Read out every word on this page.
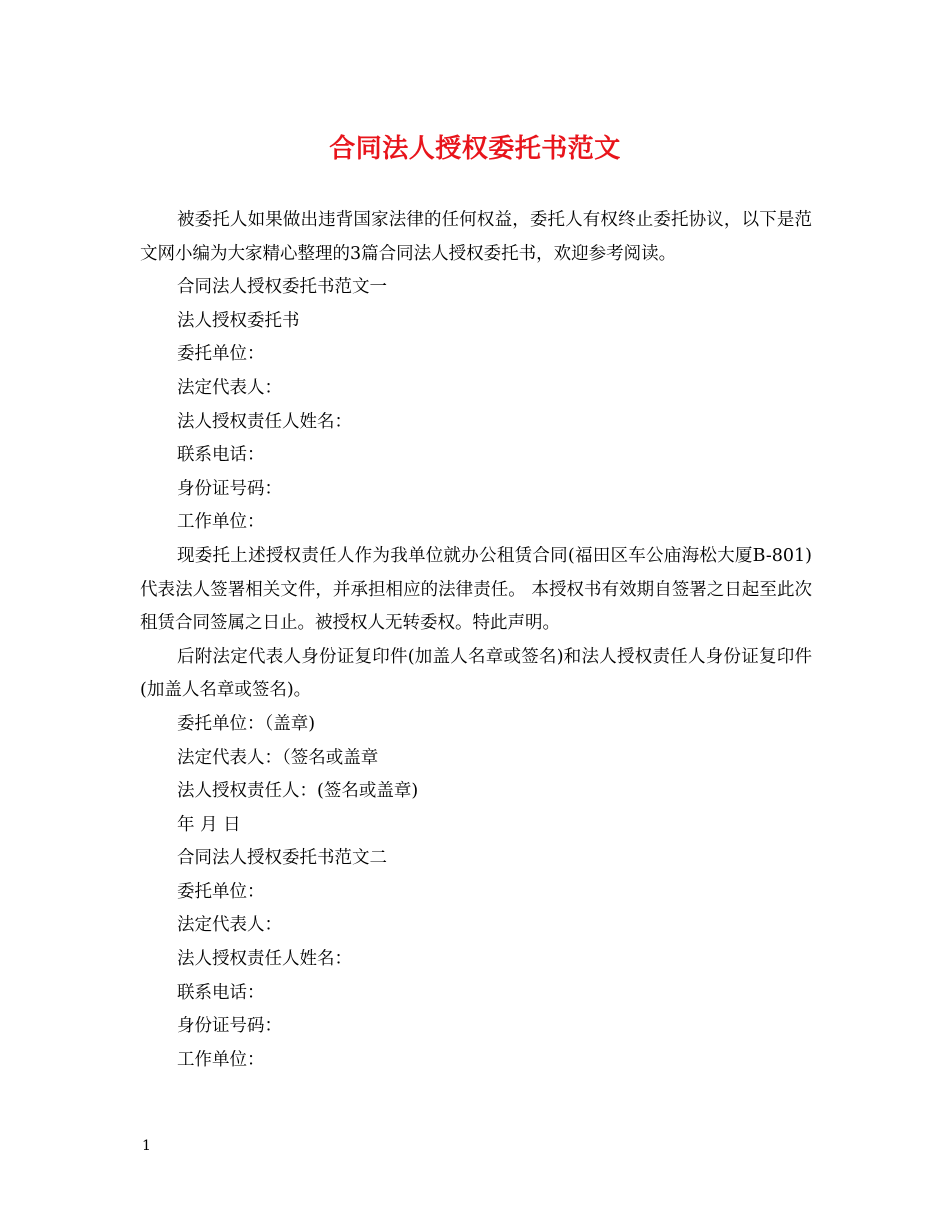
合同法人授权委托书范文

被委托人如果做出违背国家法律的任何权益，委托人有权终止委托协议，以下是范文网小编为大家精心整理的3篇合同法人授权委托书，欢迎参考阅读。

合同法人授权委托书范文一

法人授权委托书

委托单位：

法定代表人：

法人授权责任人姓名：

联系电话：

身份证号码：

工作单位：

现委托上述授权责任人作为我单位就办公租赁合同(福田区车公庙海松大厦B-801)代表法人签署相关文件，并承担相应的法律责任。 本授权书有效期自签署之日起至此次租赁合同签属之日止。被授权人无转委权。特此声明。

后附法定代表人身份证复印件(加盖人名章或签名)和法人授权责任人身份证复印件(加盖人名章或签名)。

委托单位：（盖章)

法定代表人：（签名或盖章

法人授权责任人：(签名或盖章)

年 月 日

合同法人授权委托书范文二

委托单位：

法定代表人：

法人授权责任人姓名：

联系电话：

身份证号码：

工作单位：

1
